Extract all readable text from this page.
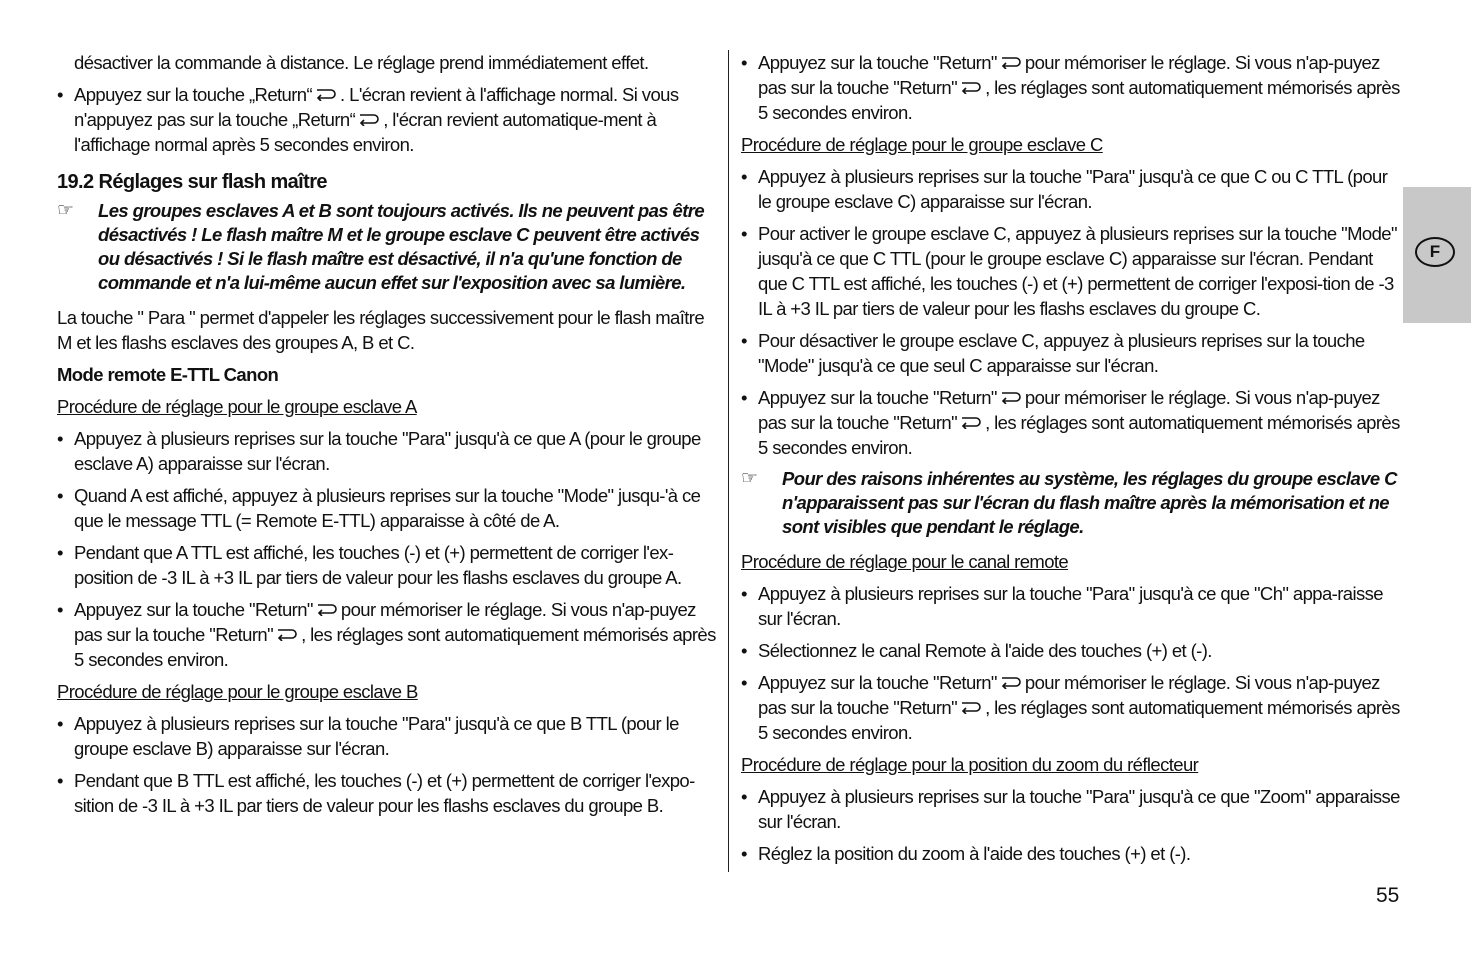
désactiver la commande à distance. Le réglage prend immédiatement effet.

• Appuyez sur la touche „Return“ . L'écran revient à l'affichage normal. Si vous n'appuyez pas sur la touche „Return“ , l'écran revient automatique-ment à l'affichage normal après 5 secondes environ.
19.2 Réglages sur flash maître
☞ Les groupes esclaves A et B sont toujours activés. Ils ne peuvent pas être désactivés ! Le flash maître M et le groupe esclave C peuvent être activés ou désactivés ! Si le flash maître est désactivé, il n'a qu'une fonction de commande et n'a lui-même aucun effet sur l'exposition avec sa lumière.

La touche " Para " permet d'appeler les réglages successivement pour le flash maître M et les flashs esclaves des groupes A, B et C.

Mode remote E-TTL Canon

Procédure de réglage pour le groupe esclave A

• Appuyez à plusieurs reprises sur la touche "Para" jusqu'à ce que A (pour le groupe esclave A) apparaisse sur l'écran.
• Quand A est affiché, appuyez à plusieurs reprises sur la touche "Mode" jusqu-'à ce que le message TTL (= Remote E-TTL) apparaisse à côté de A.
• Pendant que A TTL est affiché, les touches (-) et (+) permettent de corriger l'ex-position de -3 IL à +3 IL par tiers de valeur pour les flashs esclaves du groupe A.
• Appuyez sur la touche "Return" pour mémoriser le réglage. Si vous n'ap-puyez pas sur la touche "Return" , les réglages sont automatiquement mémorisés après 5 secondes environ.

Procédure de réglage pour le groupe esclave B

• Appuyez à plusieurs reprises sur la touche "Para" jusqu'à ce que B TTL (pour le groupe esclave B) apparaisse sur l'écran.
• Pendant que B TTL est affiché, les touches (-) et (+) permettent de corriger l'expo-sition de -3 IL à +3 IL par tiers de valeur pour les flashs esclaves du groupe B.
• Appuyez sur la touche "Return" pour mémoriser le réglage. Si vous n'ap-puyez pas sur la touche "Return" , les réglages sont automatiquement mémorisés après 5 secondes environ.

Procédure de réglage pour le groupe esclave C

• Appuyez à plusieurs reprises sur la touche "Para" jusqu'à ce que C ou C TTL (pour le groupe esclave C) apparaisse sur l'écran.
• Pour activer le groupe esclave C, appuyez à plusieurs reprises sur la touche "Mode" jusqu'à ce que C TTL (pour le groupe esclave C) apparaisse sur l'écran. Pendant que C TTL est affiché, les touches (-) et (+) permettent de corriger l'exposi-tion de -3 IL à +3 IL par tiers de valeur pour les flashs esclaves du groupe C.
• Pour désactiver le groupe esclave C, appuyez à plusieurs reprises sur la touche "Mode" jusqu'à ce que seul C apparaisse sur l'écran.
• Appuyez sur la touche "Return" pour mémoriser le réglage. Si vous n'ap-puyez pas sur la touche "Return" , les réglages sont automatiquement mémorisés après 5 secondes environ.
☞ Pour des raisons inhérentes au système, les réglages du groupe esclave C n'apparaissent pas sur l'écran du flash maître après la mémorisation et ne sont visibles que pendant le réglage.

Procédure de réglage pour le canal remote

• Appuyez à plusieurs reprises sur la touche "Para" jusqu'à ce que "Ch" appa-raisse sur l'écran.
• Sélectionnez le canal Remote à l'aide des touches (+) et (-).
• Appuyez sur la touche "Return" pour mémoriser le réglage. Si vous n'ap-puyez pas sur la touche "Return" , les réglages sont automatiquement mémorisés après 5 secondes environ.

Procédure de réglage pour la position du zoom du réflecteur

• Appuyez à plusieurs reprises sur la touche "Para" jusqu'à ce que "Zoom" apparaisse sur l'écran.
• Réglez la position du zoom à l'aide des touches (+) et (-).
F
55
